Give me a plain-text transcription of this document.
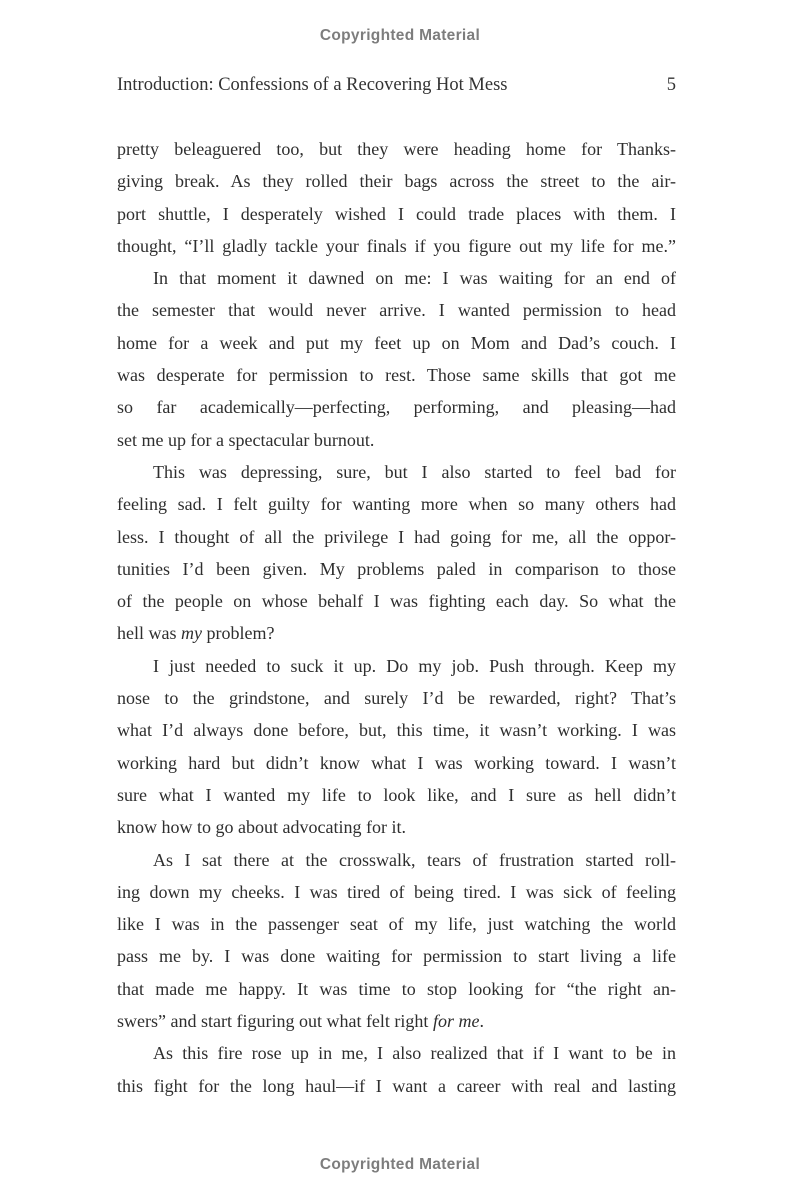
Copyrighted Material
Introduction: Confessions of a Recovering Hot Mess	5
pretty beleaguered too, but they were heading home for Thanks-
giving break. As they rolled their bags across the street to the air-
port shuttle, I desperately wished I could trade places with them. I
thought, “I’ll gladly tackle your finals if you figure out my life for me.”
In that moment it dawned on me: I was waiting for an end of
the semester that would never arrive. I wanted permission to head
home for a week and put my feet up on Mom and Dad’s couch. I
was desperate for permission to rest. Those same skills that got me
so far academically—perfecting, performing, and pleasing—had
set me up for a spectacular burnout.
This was depressing, sure, but I also started to feel bad for
feeling sad. I felt guilty for wanting more when so many others had
less. I thought of all the privilege I had going for me, all the oppor-
tunities I’d been given. My problems paled in comparison to those
of the people on whose behalf I was fighting each day. So what the
hell was my problem?
I just needed to suck it up. Do my job. Push through. Keep my
nose to the grindstone, and surely I’d be rewarded, right? That’s
what I’d always done before, but, this time, it wasn’t working. I was
working hard but didn’t know what I was working toward. I wasn’t
sure what I wanted my life to look like, and I sure as hell didn’t
know how to go about advocating for it.
As I sat there at the crosswalk, tears of frustration started roll-
ing down my cheeks. I was tired of being tired. I was sick of feeling
like I was in the passenger seat of my life, just watching the world
pass me by. I was done waiting for permission to start living a life
that made me happy. It was time to stop looking for “the right an-
swers” and start figuring out what felt right for me.
As this fire rose up in me, I also realized that if I want to be in
this fight for the long haul—if I want a career with real and lasting
Copyrighted Material
